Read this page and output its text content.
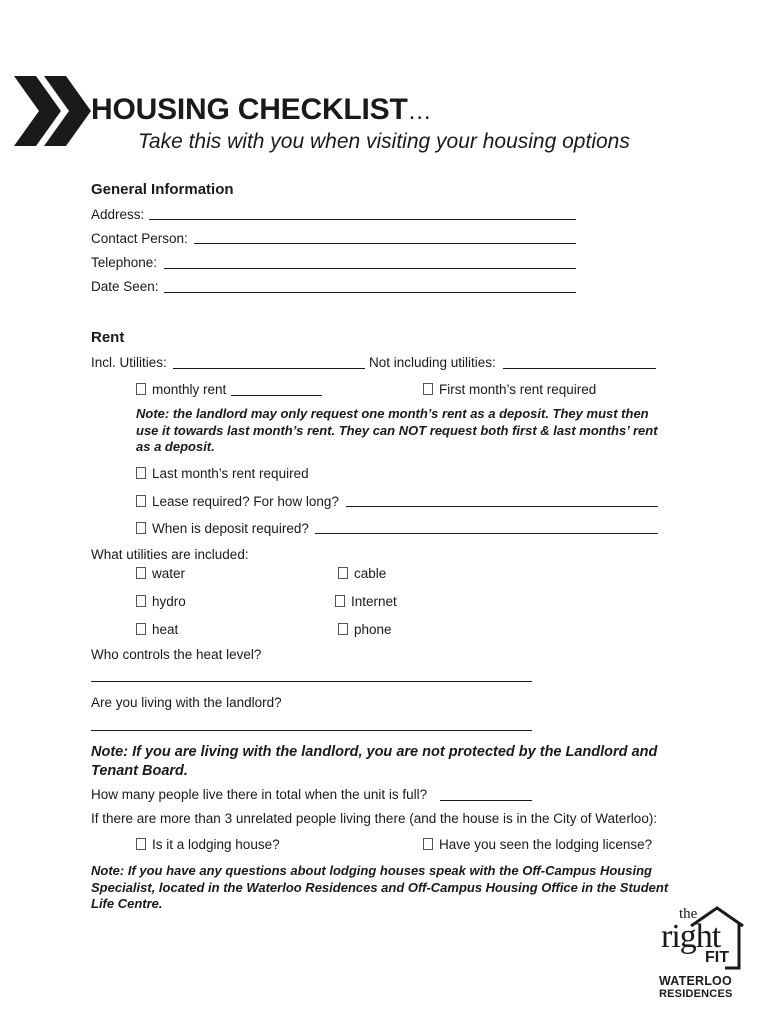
HOUSING CHECKLIST…
Take this with you when visiting your housing options
General Information
Address:
Contact Person:
Telephone:
Date Seen:
Rent
Incl. Utilities:	Not including utilities:
monthly rent	First month’s rent required
Note: the landlord may only request one month’s rent as a deposit. They must then use it towards last month’s rent. They can NOT request both first & last months’ rent as a deposit.
Last month’s rent required
Lease required? For how long?
When is deposit required?
What utilities are included:
water	cable
hydro	Internet
heat	phone
Who controls the heat level?
Are you living with the landlord?
Note: If you are living with the landlord, you are not protected by the Landlord and Tenant Board.
How many people live there in total when the unit is full?
If there are more than 3 unrelated people living there (and the house is in the City of Waterloo):
Is it a lodging house?	Have you seen the lodging license?
Note: If you have any questions about lodging houses speak with the Off-Campus Housing Specialist, located in the Waterloo Residences and Off-Campus Housing Office in the Student Life Centre.
the
right
FIT
WATERLOO
RESIDENCES
